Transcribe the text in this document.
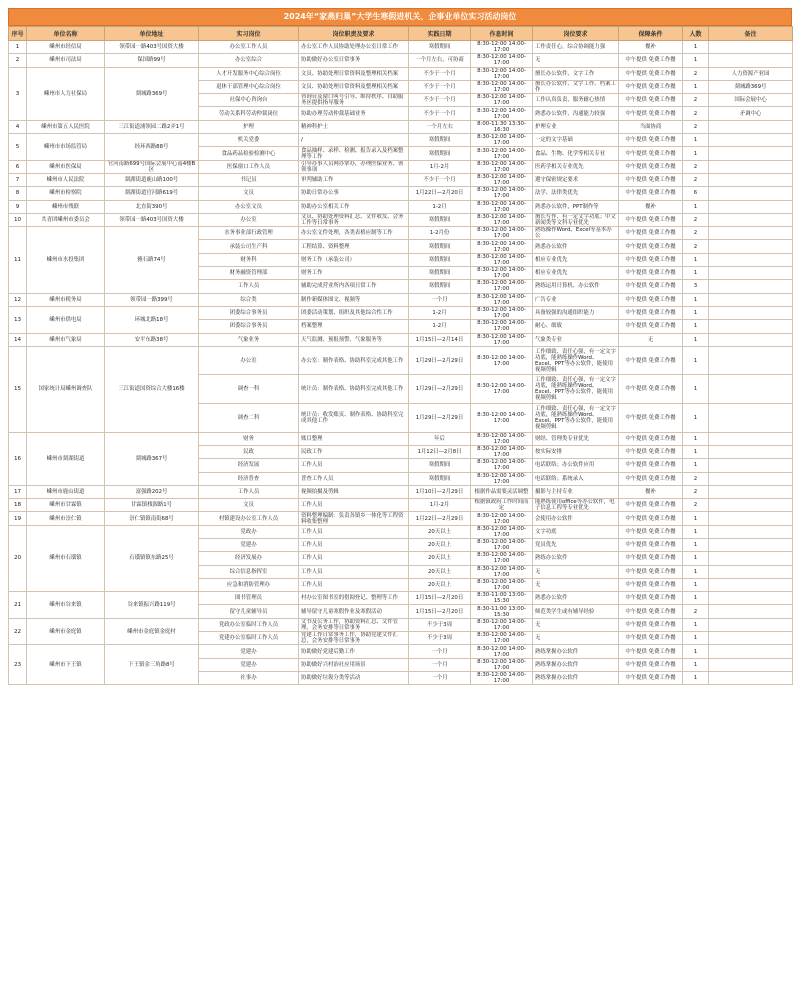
2024年“家燕归巢”大学生寒假进机关、企事业单位实习活动岗位
序号	单位名称	单位地址	实习岗位	岗位职责及要求	实践日期	作息时间	岗位要求	保障条件	人数	备注
1	嵊州市经信局	领带园一路403号国资大楼	办公室工作人员	办公室工作人员协助处理办公室日常工作	寒假期间	8:30-12:00 14:00-17:00	工作责任心，综合协调能力强	餐补	1	
2	嵊州市司法局	保国路99号	办公室综合	协助做好办公室日常事务	一个月左右，可协商	8:30-12:00 14:00-17:00	无	中午提供 免费工作餐	1	
3	嵊州市人力社保局	剡城路369号	人才开发服务中心综合岗位	文员、协助处理日常资料及整理相关档案	不少于一个月	8:30-12:00 14:00-17:00	擅长办公软件、文字工作	中午提供 免费工作餐	2	人力资源产业园
			退休干部管理中心综合岗位	文员、协助处理日常资料及整理相关档案	不少于一个月	8:30-12:00 14:00-17:00	擅长办公软件、文字工作、档案工作	中午提供 免费工作餐	1	剡城路369号
			社保中心咨询台	咨询台及窗口叫号引导、维持秩序、自助服务区提供指导服务	不少于一个月	8:30-12:00 14:00-17:00	工作认真负责，服务耐心热情	中午提供 免费工作餐	2	国际会展中心
			劳动关系科劳动仲裁岗位	协助办理劳动仲裁基础业务	不少于一个月	8:30-12:00 14:00-17:00	熟悉办公软件，沟通能力较强	中午提供 免费工作餐	2	矛调中心
4	嵊州市第五人民医院	三江街道浦领园二路2弄1号	护理	精神科护士	一个月左右	8:00-11:30 13:30-16:30	护理专业	当面协商	2	
5	嵊州市市场监管局	经环西路88号	机关党委	/	寒假期间	8:30-12:00 14:00-17:00	一定的文字基础	中午提供 免费工作餐	1	
			食品药品检验检测中心	食品抽样、录样、检测、报告录入及档案整理等工作	寒假期间	8:30-12:00 14:00-17:00	食品、生物、化学等相关专业	中午提供 免费工作餐	1	
6	嵊州市医保局	官河南路699号国际会展中心南4楼B区	医保窗口工作人员	引导办事人员网办掌办，办理医保业务、领领事项	1月-2月	8:30-12:00 14:00-17:00	医药学相关专业优先	中午提供 免费工作餐	2	
7	嵊州市人民法院	剡湖街道鹿山路100号	书记员	审判辅助工作	不少于一个月	8:30-12:00 14:00-17:00	遵守保密规定要求	中午提供 免费工作餐	2	
8	嵊州市检察院	剡湖街道官河路619号	文员	协助日常办公事	1月22日—2月20日	8:30-12:00 14:00-17:00	法学、法律类优先	中午提供 免费工作餐	6	
9	嵊州市残联	北直街390号	办公室文员	协助办公室相关工作	1-2月	8:30-12:00 14:00-17:00	熟悉办公软件，PPT制作等	餐补	1	
10	共青团嵊州市委员会	领带园一路403号国资大楼	办公室	文员、协助处理资料汇总、文件收发、会务工作等日常事务	寒假期间	8:30-12:00 14:00-17:00	擅长写作，有一定文字功底；中文新闻类等文科专业优先	中午提供 免费工作餐	2	
11	嵊州市水投集团	雅石路74号	水务事业部行政管理	办公室文件处理，各类表格应制等工作	1-2月份	8:30-12:00 14:00-17:00	熟练操作Word、Excel等基本办公	中午提供 免费工作餐	2	
			承装公司生产科	工程结算、资料整理	寒假期间	8:30-12:00 14:00-17:00	熟悉办公软件	中午提供 免费工作餐	2	
			财务科	财务工作（承装公司）	寒假期间	8:30-12:00 14:00-17:00	相应专业优先	中午提供 免费工作餐	1	
			财务融资管理部	财务工作	寒假期间	8:30-12:00 14:00-17:00	相应专业优先	中午提供 免费工作餐	1	
			工作人员	辅助完成营业所内各项日常工作	寒假期间	8:30-12:00 14:00-17:00	熟练运用计算机、办公软件	中午提供 免费工作餐	3	
12	嵊州市税务局	领带园一路399号	综合类	制作新媒体图文、视频等	一个月	8:30-12:00 14:00-17:00	广告专业	中午提供 免费工作餐	1	
13	嵊州市供电局	环城北路18号	团委综合事务员	团委活动策划、组织及其他综合性工作	1-2月	8:30-12:00 14:00-17:00	具备较强的沟通组织能力	中午提供 免费工作餐	1	
			团委综合事务员	档案整理	1-2月	8:30-12:00 14:00-17:00	耐心、细致	中午提供 免费工作餐	1	
14	嵊州市气象局	安平东路38号	气象业务	天气监测、预报预警、气象服务等	1月15日—2月14日	8:30-12:00 14:00-17:00	气象类专业	无	1	
15	国家统计局嵊州调查队	三江街道国资综合大楼16楼	办公室	办公室：制作表格、协助科室完成其他工作	1月29日—2月29日	8:30-12:00 14:00-17:00	工作细致、责任心强，有一定文字功底，能熟练操作Word、Excel、PPT等办公软件，能使用视频剪辑	中午提供 免费工作餐	1	
			调查一科	统计员：制作表格、协助科室完成其他工作	1月29日—2月29日	8:30-12:00 14:00-17:00	工作细致、责任心强，有一定文字功底，能熟练操作Word、Excel、PPT等办公软件，能使用视频剪辑	中午提供 免费工作餐	1	
			调查二科	统计员：收发账页、制作表格、协助科室完成其他工作	1月29日—2月29日	8:30-12:00 14:00-17:00	工作细致、责任心强，有一定文字功底，能熟练操作Word、Excel、PPT等办公软件，能使用视频剪辑	中午提供 免费工作餐	1	
16	嵊州市剡湖街道	剡城路367号	财务	账目整理	年后	8:30-12:00 14:00-17:00	财经、管理类专业优先	中午提供 免费工作餐	1	
			民政	民政工作	1月12日—2月8日	8:30-12:00 14:00-17:00	按实际安排	中午提供 免费工作餐	1	
			经济发展	工作人员	寒假期间	8:30-12:00 14:00-17:00	电话联络；办公软件应用	中午提供 免费工作餐	1	
			经济普查	普查工作人员	寒假期间	8:30-12:00 14:00-17:00	电话联络；系统录入	中午提供 免费工作餐	2	
17	嵊州市鹿山街道	富强路202号	工作人员	视频拍摄及剪辑	1月10日—2月29日	根据作品需要灵活调整	摄影与主持专业	餐补	2	
18	嵊州市甘霖镇	甘霖镇栈源路1号	文员	工作人员	1月-2月	根据镇政府工作时间而定	能熟练使用office等办公软件，电子信息工程等专业优先	中午提供 免费工作餐	2	
19	嵊州市崇仁镇	崇仁镇镇南街68号	村镇建设办公室工作人员	资料整理编制：负责各镇乡一体化等工程资料收集整理	1月22日—2月29日	8:30-12:00 14:00-17:00	会使用办公软件	中午提供 免费工作餐	1	
20	嵊州市石璜镇	石璜镇镇东路25号	党政办	工作人员	20天以上	8:30-12:00 14:00-17:00	文字功底	中午提供 免费工作餐	1	
			党建办	工作人员	20天以上	8:30-12:00 14:00-17:00	党员优先	中午提供 免费工作餐	1	
			经济发展办	工作人员	20天以上	8:30-12:00 14:00-17:00	熟练办公软件	中午提供 免费工作餐	1	
			综合信息指挥室	工作人员	20天以上	8:30-12:00 14:00-17:00	无	中午提供 免费工作餐	1	
			应急和消防管理办	工作人员	20天以上	8:30-12:00 14:00-17:00	无	中午提供 免费工作餐	1	
21	嵊州市谷来镇	谷来镇振兴路119号	图书管理员	村办公室图书室的借阅登记、整理等工作	1月15日—2月20日	8:30-11:00 13:00-15:30	熟悉办公软件	中午提供 免费工作餐	1	
			留守儿童辅导员	辅导留守儿童寒假作业及寒假活动	1月15日—2月20日	8:30-11:00 13:00-15:30	师范类学生或有辅导经验	中午提供 免费工作餐	2	
22	嵊州市金庭镇	嵊州市金庭镇金庭村	党政办公室临时工作人员	文书及公务工作，协助资料汇总、文件管理，会务安排等日常事务	不少于3周	8:30-12:00 14:00-17:00	无	中午提供 免费工作餐	1	
			党建办公室临时工作人员	党建工作日常事务工作，协助党建文件汇总，会务安排等日常事务	不少于3周	8:30-12:00 14:00-17:00	无	中午提供 免费工作餐	1	
23	嵊州市下王镇	下王镇金三角路8号	党建办	协助做好党建后勤工作	一个月	8:30-12:00 14:00-17:00	熟练掌握办公软件	中午提供 免费工作餐	1	
			党建办	协助做好兴村治社应用场景	一个月	8:30-12:00 14:00-17:00	熟练掌握办公软件	中午提供 免费工作餐	1	
			社事办	协助做好垃圾分类等活动	一个月	8:30-12:00 14:00-17:00	熟练掌握办公软件	中午提供 免费工作餐	1	
